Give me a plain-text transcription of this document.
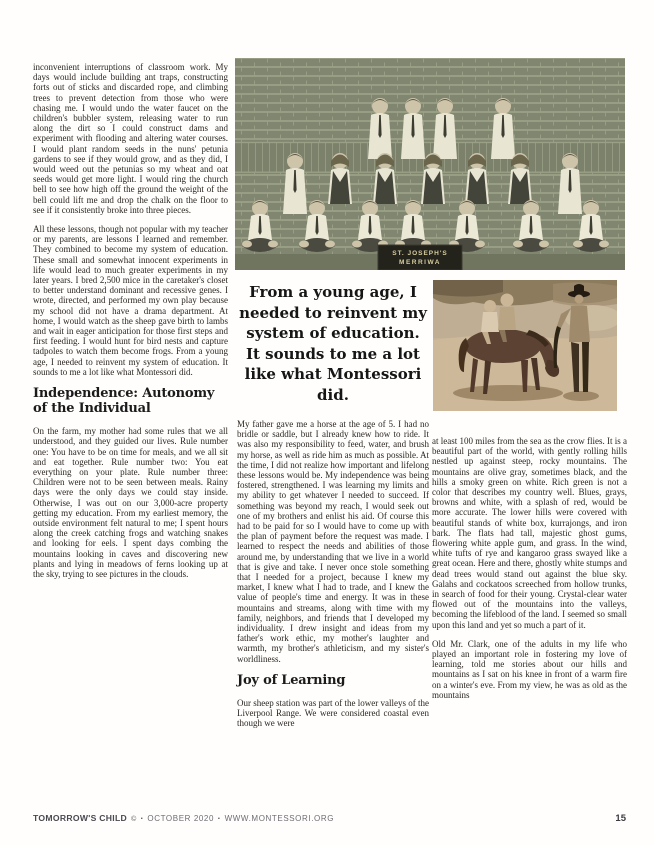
inconvenient interruptions of classroom work. My days would include building ant traps, constructing forts out of sticks and discarded rope, and climbing trees to prevent detection from those who were chasing me. I would undo the water faucet on the children's bubbler system, releasing water to run along the dirt so I could construct dams and experiment with flooding and altering water courses. I would plant random seeds in the nuns' petunia gardens to see if they would grow, and as they did, I would weed out the petunias so my wheat and oat seeds would get more light. I would ring the church bell to see how high off the ground the weight of the bell could lift me and drop the chalk on the floor to see if it consistently broke into three pieces.

All these lessons, though not popular with my teacher or my parents, are lessons I learned and remember. They combined to become my system of education. These small and somewhat innocent experiments in life would lead to much greater experiments in my later years. I bred 2,500 mice in the caretaker's closet to better understand dominant and recessive genes. I wrote, directed, and performed my own play because my school did not have a drama department. At home, I would watch as the sheep gave birth to lambs and wait in eager anticipation for those first steps and first feeding. I would hunt for bird nests and capture tadpoles to watch them become frogs. From a young age, I needed to reinvent my system of education. It sounds to me a lot like what Montessori did.

Independence: Autonomy of the Individual

On the farm, my mother had some rules that we all understood, and they guided our lives. Rule number one: You have to be on time for meals, and we all sit and eat together. Rule number two: You eat everything on your plate. Rule number three: Children were not to be seen between meals. Rainy days were the only days we could stay inside. Otherwise, I was out on our 3,000-acre property getting my education. From my earliest memory, the outside environment felt natural to me; I spent hours along the creek catching frogs and watching snakes and looking for eels. I spent days combing the mountains looking in caves and discovering new plants and lying in meadows of ferns looking up at the sky, trying to see pictures in the clouds.

ST. JOSEPH'S
MERRIWA
From a young age, I needed to reinvent my system of education. It sounds to me a lot like what Montessori did.

My father gave me a horse at the age of 5. I had no bridle or saddle, but I already knew how to ride. It was also my responsibility to feed, water, and brush my horse, as well as ride him as much as possible. At the time, I did not realize how important and lifelong these lessons would be. My independence was being fostered, strengthened. I was learning my limits and my ability to get whatever I needed to succeed. If something was beyond my reach, I would seek out one of my brothers and enlist his aid. Of course this had to be paid for so I would have to come up with the plan of payment before the request was made. I learned to respect the needs and abilities of those around me, by understanding that we live in a world that is give and take. I never once stole something that I needed for a project, because I knew my market, I knew what I had to trade, and I knew the value of people's time and energy. It was in these mountains and streams, along with time with my family, neighbors, and friends that I developed my individuality. I drew insight and ideas from my father's work ethic, my mother's laughter and warmth, my brother's athleticism, and my sister's worldliness.

Joy of Learning

Our sheep station was part of the lower valleys of the Liverpool Range. We were considered coastal even though we were

at least 100 miles from the sea as the crow flies. It is a beautiful part of the world, with gently rolling hills nestled up against steep, rocky mountains. The mountains are olive gray, sometimes black, and the hills a smoky green on white. Rich green is not a color that describes my country well. Blues, grays, browns and white, with a splash of red, would be more accurate. The lower hills were covered with beautiful stands of white box, kurrajongs, and iron bark. The flats had tall, majestic ghost gums, flowering white apple gum, and grass. In the wind, white tufts of rye and kangaroo grass swayed like a great ocean. Here and there, ghostly white stumps and dead trees would stand out against the blue sky. Galahs and cockatoos screeched from hollow trunks, in search of food for their young. Crystal-clear water flowed out of the mountains into the valleys, becoming the lifeblood of the land. I seemed so small upon this land and yet so much a part of it.

Old Mr. Clark, one of the adults in my life who played an important role in fostering my love of learning, told me stories about our hills and mountains as I sat on his knee in front of a warm fire on a winter's eve. From my view, he was as old as the mountains

TOMORROW'S CHILD © ▪ OCTOBER 2020 ▪ WWW.MONTESSORI.ORG	15
